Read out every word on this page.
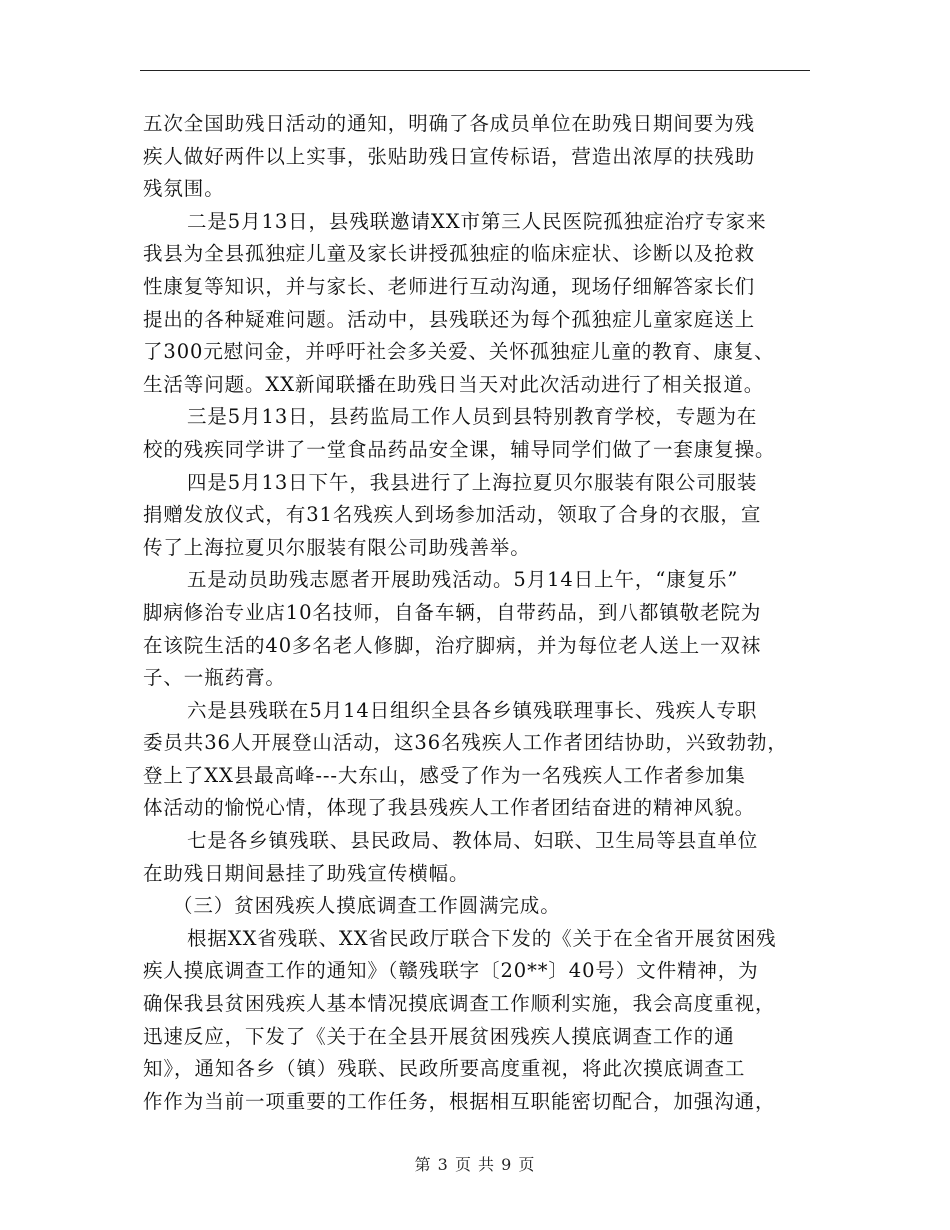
五次全国助残日活动的通知，明确了各成员单位在助残日期间要为残
疾人做好两件以上实事，张贴助残日宣传标语，营造出浓厚的扶残助
残氛围。
二是5月13日，县残联邀请XX市第三人民医院孤独症治疗专家来
我县为全县孤独症儿童及家长讲授孤独症的临床症状、诊断以及抢救
性康复等知识，并与家长、老师进行互动沟通，现场仔细解答家长们
提出的各种疑难问题。活动中，县残联还为每个孤独症儿童家庭送上
了300元慰问金，并呼吁社会多关爱、关怀孤独症儿童的教育、康复、
生活等问题。XX新闻联播在助残日当天对此次活动进行了相关报道。
三是5月13日，县药监局工作人员到县特别教育学校，专题为在
校的残疾同学讲了一堂食品药品安全课，辅导同学们做了一套康复操。
四是5月13日下午，我县进行了上海拉夏贝尔服装有限公司服装
捐赠发放仪式，有31名残疾人到场参加活动，领取了合身的衣服，宣
传了上海拉夏贝尔服装有限公司助残善举。
五是动员助残志愿者开展助残活动。5月14日上午，“康复乐”
脚病修治专业店10名技师，自备车辆，自带药品，到八都镇敬老院为
在该院生活的40多名老人修脚，治疗脚病，并为每位老人送上一双袜
子、一瓶药膏。
六是县残联在5月14日组织全县各乡镇残联理事长、残疾人专职
委员共36人开展登山活动，这36名残疾人工作者团结协助，兴致勃勃，
登上了XX县最高峰---大东山，感受了作为一名残疾人工作者参加集
体活动的愉悦心情，体现了我县残疾人工作者团结奋进的精神风貌。
七是各乡镇残联、县民政局、教体局、妇联、卫生局等县直单位
在助残日期间悬挂了助残宣传横幅。
（三）贫困残疾人摸底调查工作圆满完成。
根据XX省残联、XX省民政厅联合下发的《关于在全省开展贫困残
疾人摸底调查工作的通知》（赣残联字〔20**〕40号）文件精神，为
确保我县贫困残疾人基本情况摸底调查工作顺利实施，我会高度重视，
迅速反应，下发了《关于在全县开展贫困残疾人摸底调查工作的通
知》，通知各乡（镇）残联、民政所要高度重视，将此次摸底调查工
作作为当前一项重要的工作任务，根据相互职能密切配合，加强沟通，
第 3 页 共 9 页
